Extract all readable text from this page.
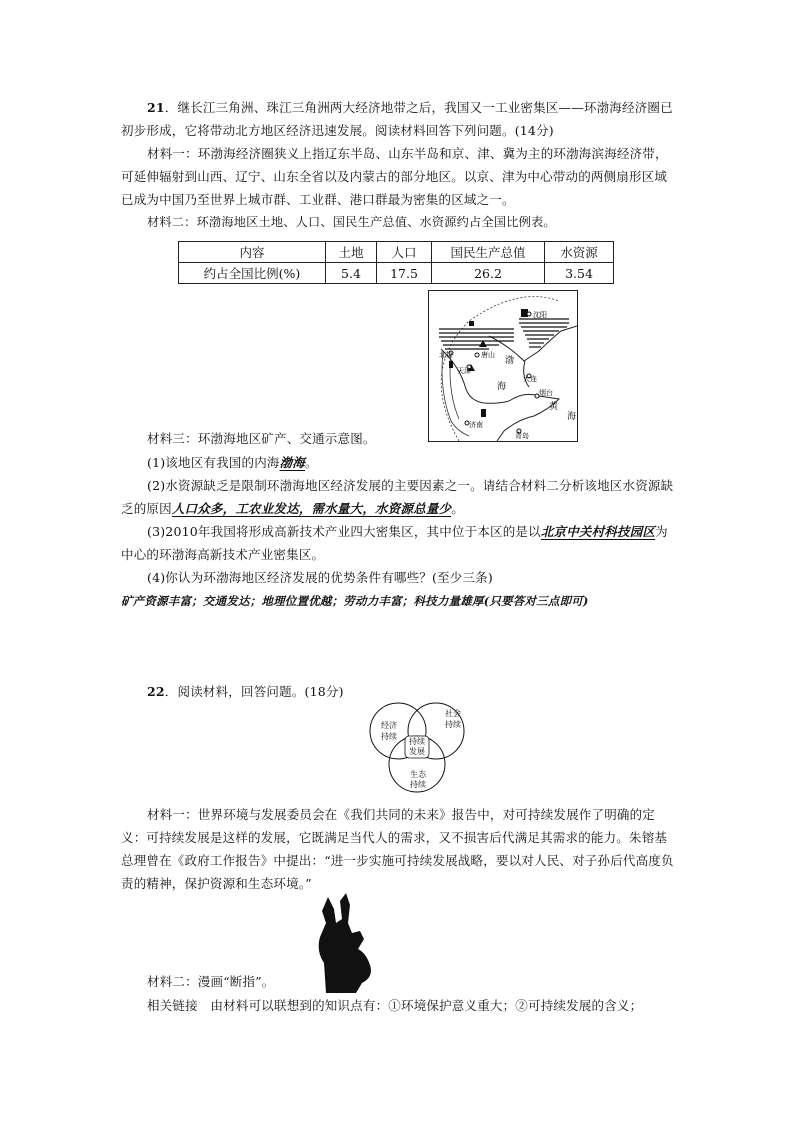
21．继长江三角洲、珠江三角洲两大经济地带之后，我国又一工业密集区——环渤海经济圈已初步形成，它将带动北方地区经济迅速发展。阅读材料回答下列问题。(14分)
材料一：环渤海经济圈狭义上指辽东半岛、山东半岛和京、津、冀为主的环渤海滨海经济带，可延伸辐射到山西、辽宁、山东全省以及内蒙古的部分地区。以京、津为中心带动的两侧扇形区域已成为中国乃至世界上城市群、工业群、港口群最为密集的区域之一。
材料二：环渤海地区土地、人口、国民生产总值、水资源约占全国比例表。
内容	土地	人口	国民生产总值	水资源
约占全国比例(%)	5.4	17.5	26.2	3.54
沈阳
北京	唐山
天津
渤
大连
海
烟台
黄
海
济南
青岛
材料三：环渤海地区矿产、交通示意图。
(1)该地区有我国的内海渤海。
(2)水资源缺乏是限制环渤海地区经济发展的主要因素之一。请结合材料二分析该地区水资源缺乏的原因人口众多，工农业发达，需水量大，水资源总量少。
(3)2010年我国将形成高新技术产业四大密集区，其中位于本区的是以北京中关村科技园区为中心的环渤海高新技术产业密集区。
(4)你认为环渤海地区经济发展的优势条件有哪些？(至少三条)
矿产资源丰富；交通发达；地理位置优越；劳动力丰富；科技力量雄厚(只要答对三点即可)
22．阅读材料，回答问题。(18分)
经济持续
社会持续
持续发展
生态持续
材料一：世界环境与发展委员会在《我们共同的未来》报告中，对可持续发展作了明确的定义：可持续发展是这样的发展，它既满足当代人的需求，又不损害后代满足其需求的能力。朱镕基总理曾在《政府工作报告》中提出：“进一步实施可持续发展战略，要以对人民、对子孙后代高度负责的精神，保护资源和生态环境。”
材料二：漫画“断指”。
相关链接　由材料可以联想到的知识点有：①环境保护意义重大；②可持续发展的含义；
